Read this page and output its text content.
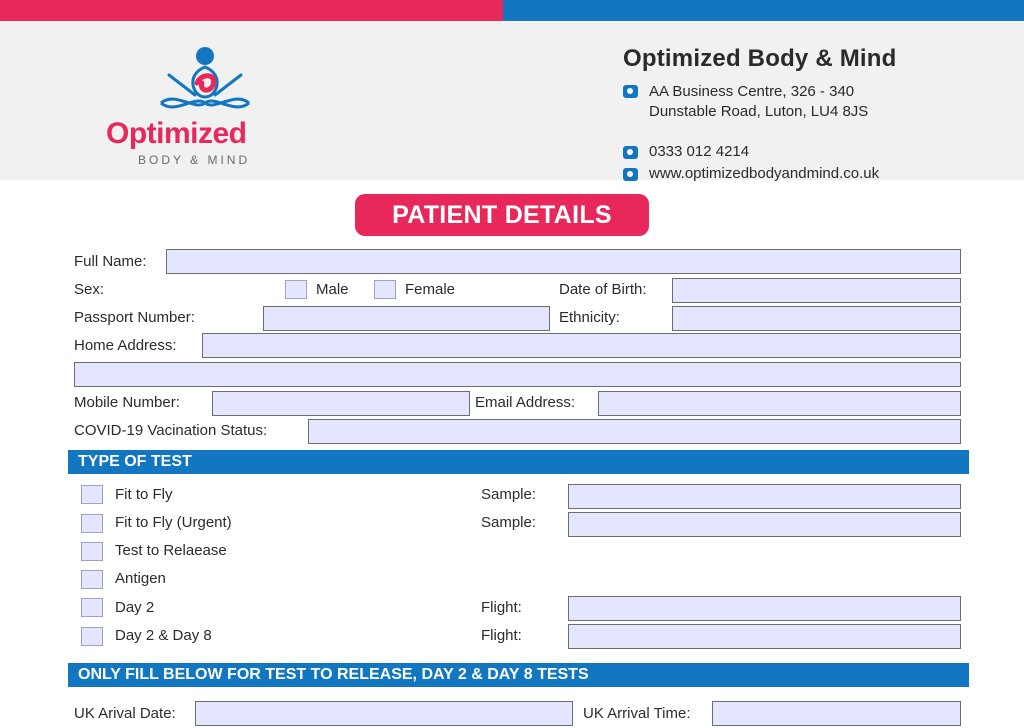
Optimized
BODY & MIND
Optimized Body & Mind
AA Business Centre, 326 - 340
Dunstable Road, Luton, LU4 8JS
0333 012 4214
www.optimizedbodyandmind.co.uk
PATIENT DETAILS
Full Name:
Sex:	Male	Female	Date of Birth:
Passport Number:	Ethnicity:
Home Address:
Mobile Number:	Email Address:
COVID-19 Vacination Status:
TYPE OF TEST
Fit to Fly	Sample:
Fit to Fly (Urgent)	Sample:
Test to Relaease
Antigen
Day 2	Flight:
Day 2 & Day 8	Flight:
ONLY FILL BELOW FOR TEST TO RELEASE, DAY 2 & DAY 8 TESTS
UK Arival Date:	UK Arrival Time:
